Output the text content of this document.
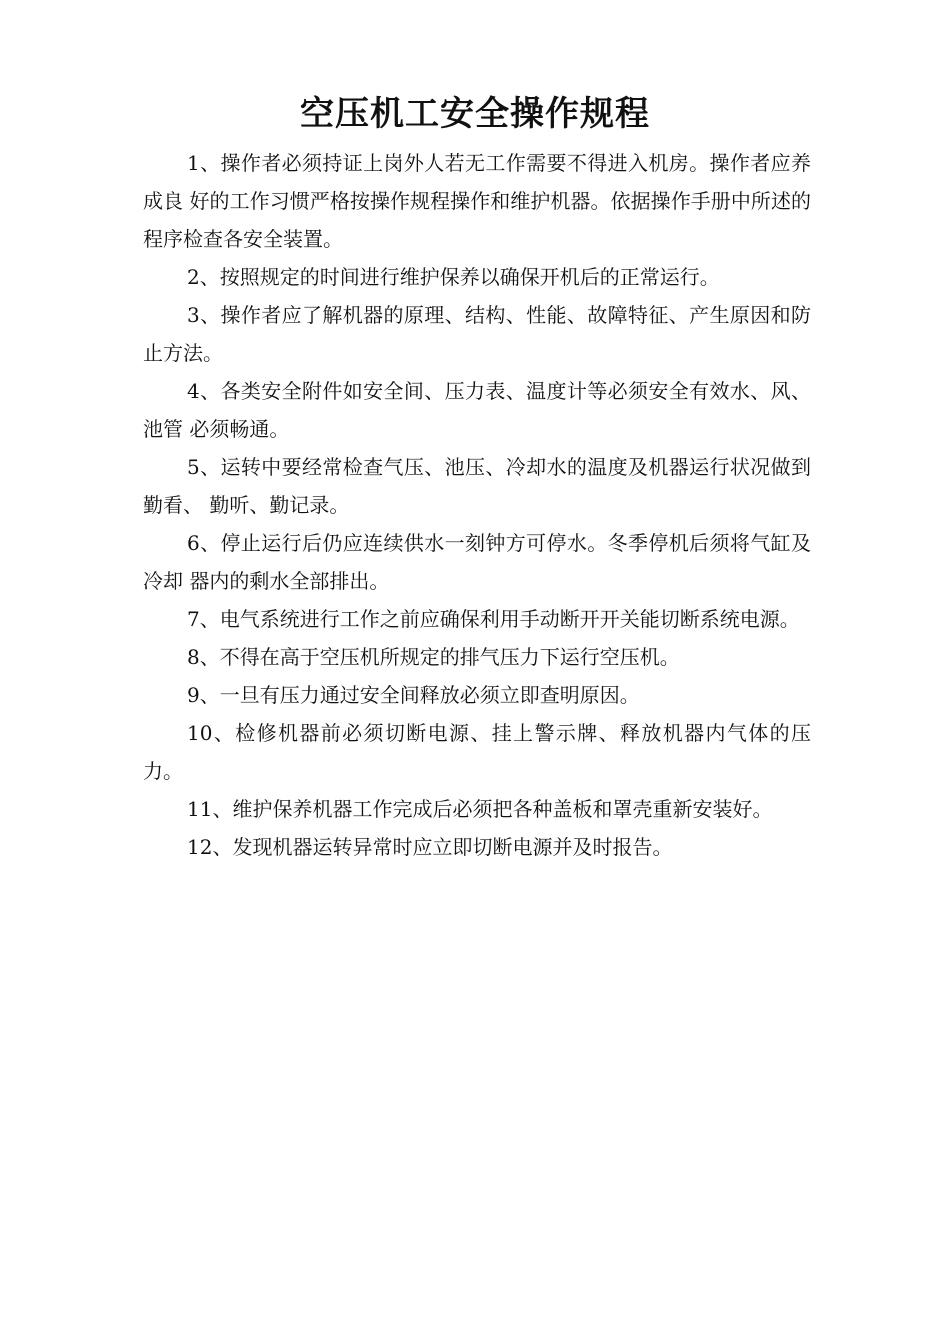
空压机工安全操作规程

1、操作者必须持证上岗外人若无工作需要不得进入机房。操作者应养成良 好的工作习惯严格按操作规程操作和维护机器。依据操作手册中所述的程序检查各安全装置。

2、按照规定的时间进行维护保养以确保开机后的正常运行。

3、操作者应了解机器的原理、结构、性能、故障特征、产生原因和防止方法。

4、各类安全附件如安全间、压力表、温度计等必须安全有效水、风、池管 必须畅通。

5、运转中要经常检查气压、池压、冷却水的温度及机器运行状况做到勤看、 勤听、勤记录。

6、停止运行后仍应连续供水一刻钟方可停水。冬季停机后须将气缸及冷却 器内的剩水全部排出。

7、电气系统进行工作之前应确保利用手动断开开关能切断系统电源。

8、不得在高于空压机所规定的排气压力下运行空压机。

9、一旦有压力通过安全间释放必须立即查明原因。

10、检修机器前必须切断电源、挂上警示牌、释放机器内气体的压力。

11、维护保养机器工作完成后必须把各种盖板和罩壳重新安装好。

12、发现机器运转异常时应立即切断电源并及时报告。
